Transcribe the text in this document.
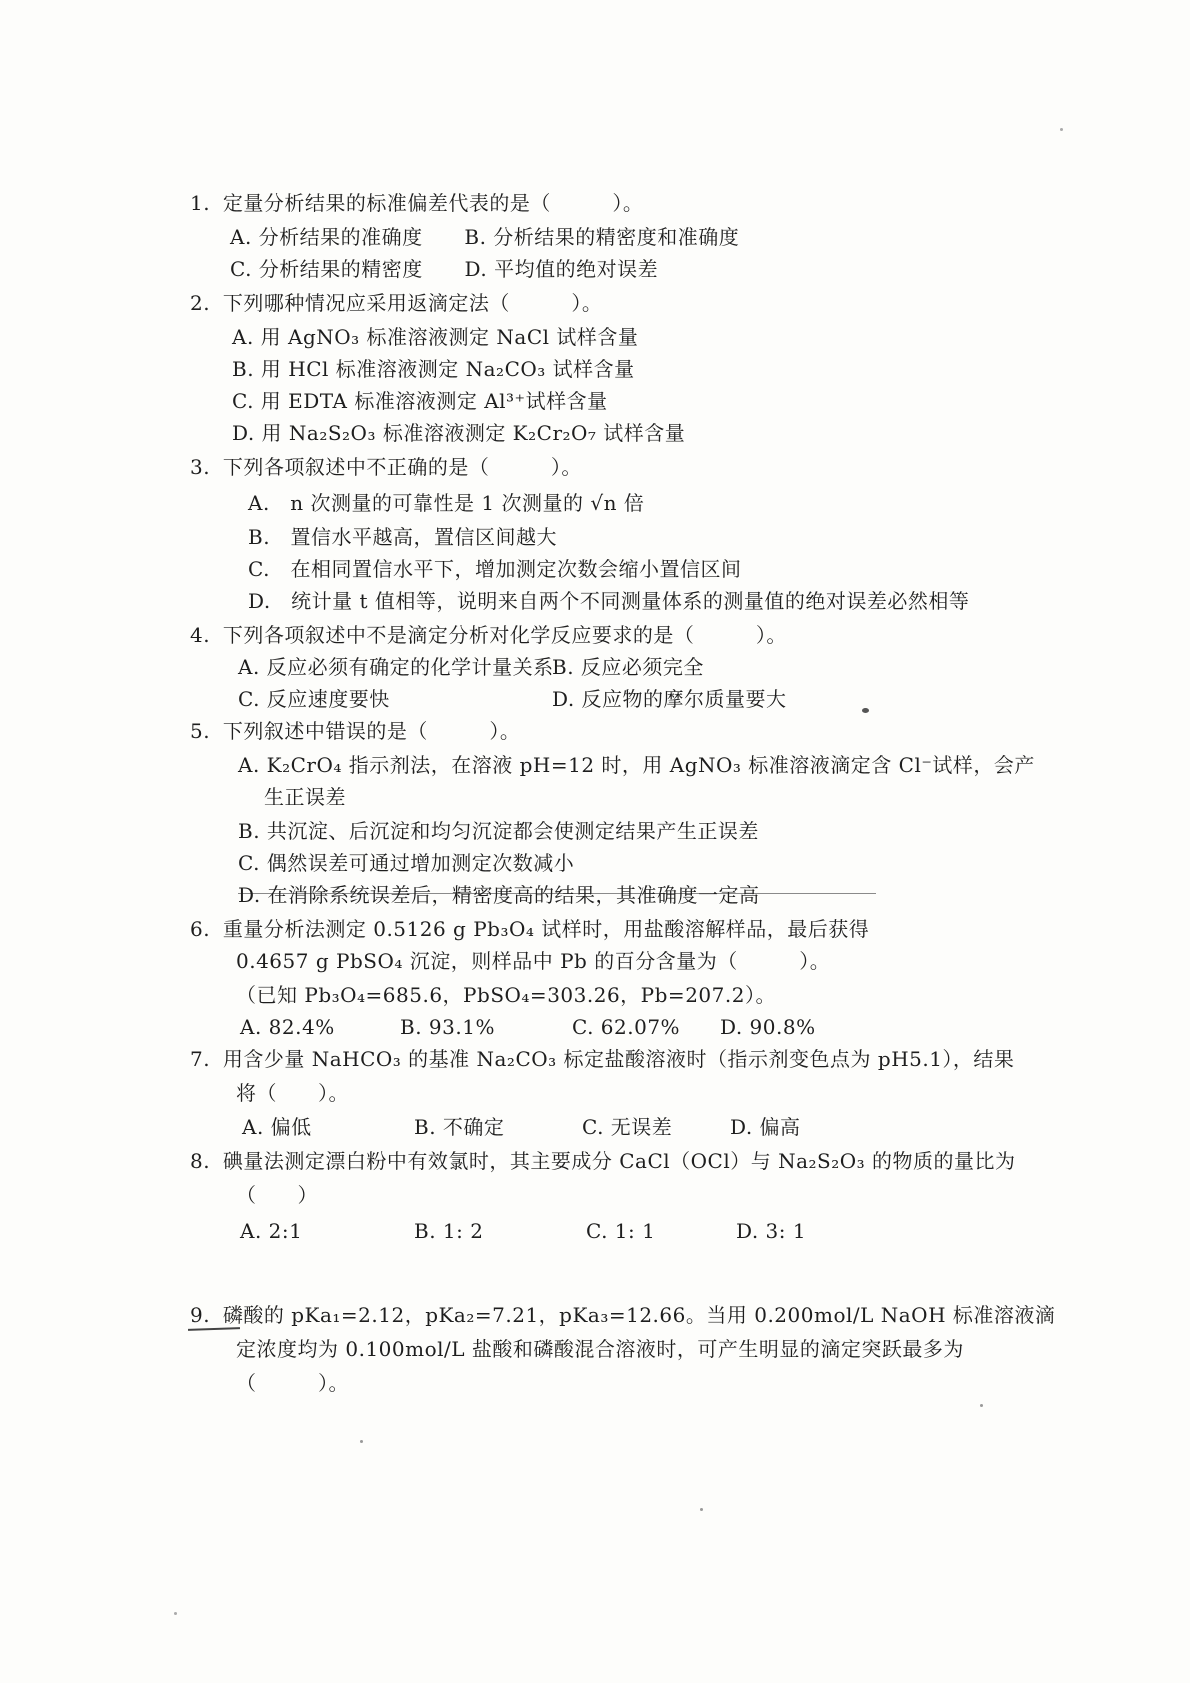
1. 定量分析结果的标准偏差代表的是（　　　）。
A. 分析结果的准确度 B. 分析结果的精密度和准确度
C. 分析结果的精密度 D. 平均值的绝对误差
2. 下列哪种情况应采用返滴定法（　　　）。
A. 用 AgNO₃ 标准溶液测定 NaCl 试样含量
B. 用 HCl 标准溶液测定 Na₂CO₃ 试样含量
C. 用 EDTA 标准溶液测定 Al³⁺试样含量
D. 用 Na₂S₂O₃ 标准溶液测定 K₂Cr₂O₇ 试样含量
3. 下列各项叙述中不正确的是（　　　）。
A.　n 次测量的可靠性是 1 次测量的 √n 倍
B.　置信水平越高，置信区间越大
C.　在相同置信水平下，增加测定次数会缩小置信区间
D.　统计量 t 值相等，说明来自两个不同测量体系的测量值的绝对误差必然相等
4. 下列各项叙述中不是滴定分析对化学反应要求的是（　　　）。
A. 反应必须有确定的化学计量关系
B. 反应必须完全
C. 反应速度要快	D. 反应物的摩尔质量要大
5. 下列叙述中错误的是（　　　）。
A. K₂CrO₄ 指示剂法，在溶液 pH=12 时，用 AgNO₃ 标准溶液滴定含 Cl⁻试样，会产
生正误差
B. 共沉淀、后沉淀和均匀沉淀都会使测定结果产生正误差
C. 偶然误差可通过增加测定次数减小
D. 在消除系统误差后，精密度高的结果，其准确度一定高
6. 重量分析法测定 0.5126 g Pb₃O₄ 试样时，用盐酸溶解样品，最后获得
0.4657 g PbSO₄ 沉淀，则样品中 Pb 的百分含量为（　　　）。
（已知 Pb₃O₄=685.6，PbSO₄=303.26，Pb=207.2）。
A. 82.4%	B. 93.1%	C. 62.07% D. 90.8%
7. 用含少量 NaHCO₃ 的基准 Na₂CO₃ 标定盐酸溶液时（指示剂变色点为 pH5.1），结果
将（　　）。
A. 偏低	B. 不确定	C. 无误差	D. 偏高
8. 碘量法测定漂白粉中有效氯时，其主要成分 CaCl（OCl）与 Na₂S₂O₃ 的物质的量比为
（　　）
A. 2:1	B. 1: 2	C. 1: 1	D. 3: 1
9. 磷酸的 pKa₁=2.12，pKa₂=7.21，pKa₃=12.66。当用 0.200mol/L NaOH 标准溶液滴
定浓度均为 0.100mol/L 盐酸和磷酸混合溶液时，可产生明显的滴定突跃最多为
（　　　）。
